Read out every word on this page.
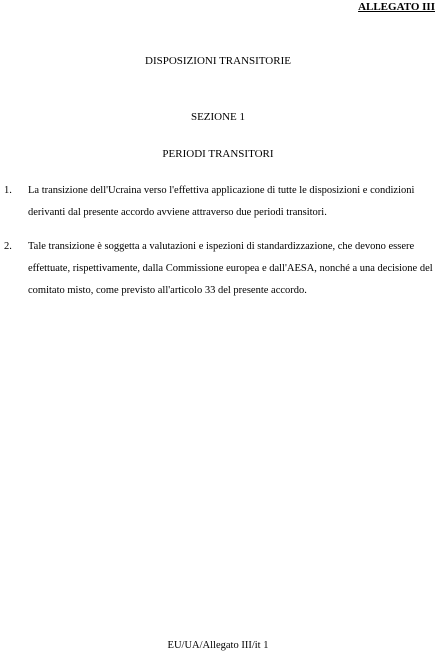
ALLEGATO III
DISPOSIZIONI TRANSITORIE
SEZIONE 1
PERIODI TRANSITORI
1. La transizione dell'Ucraina verso l'effettiva applicazione di tutte le disposizioni e condizioni derivanti dal presente accordo avviene attraverso due periodi transitori.
2. Tale transizione è soggetta a valutazioni e ispezioni di standardizzazione, che devono essere effettuate, rispettivamente, dalla Commissione europea e dall'AESA, nonché a una decisione del comitato misto, come previsto all'articolo 33 del presente accordo.
EU/UA/Allegato III/it 1
